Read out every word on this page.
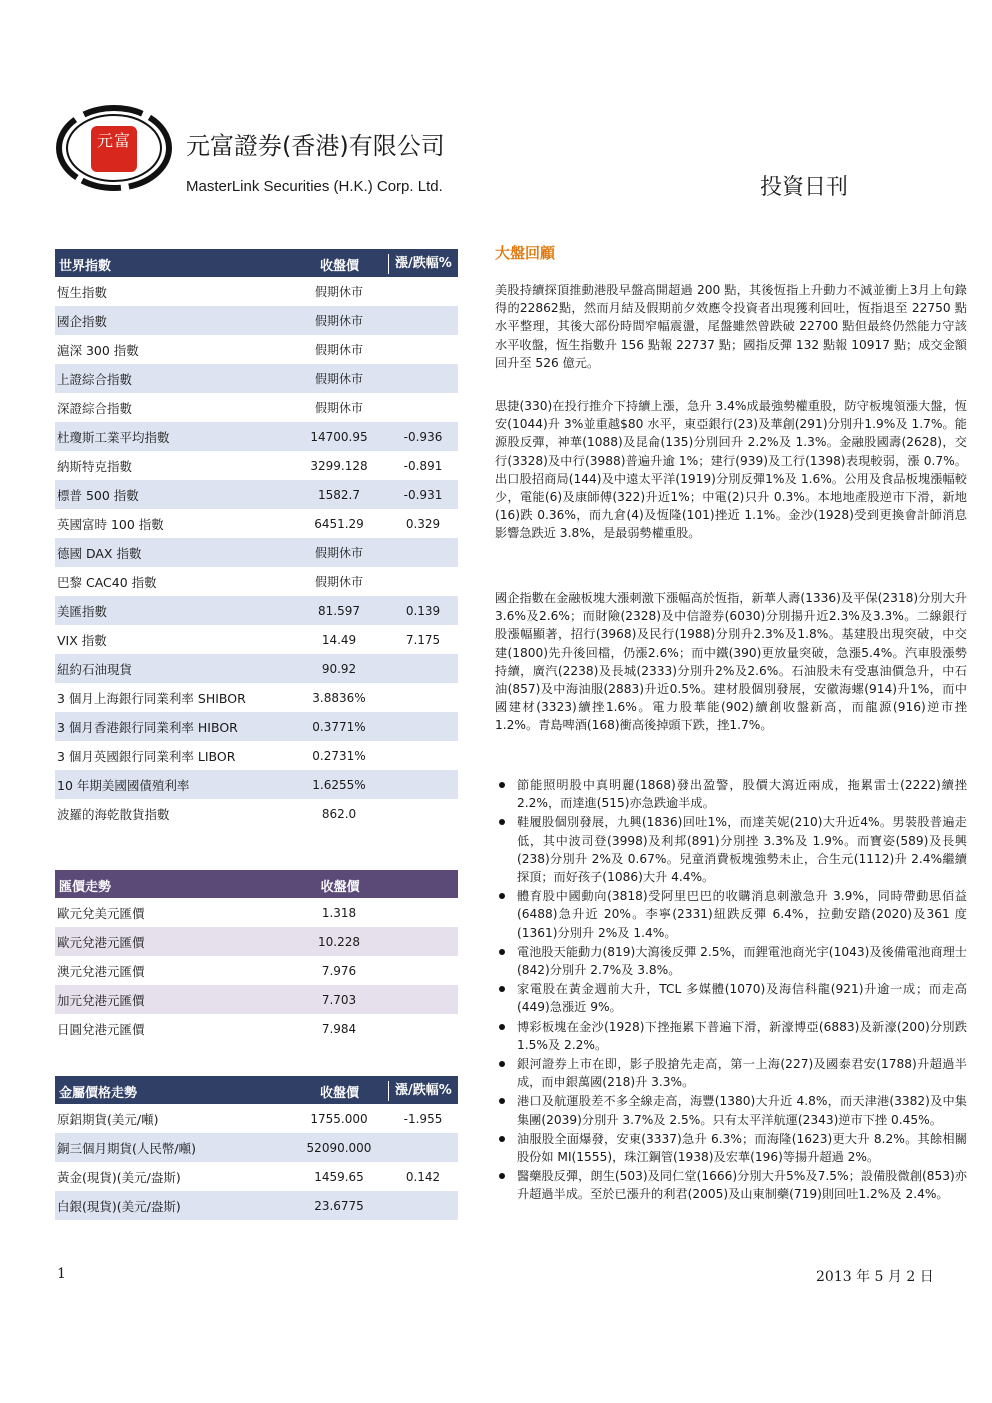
元富 元富證券(香港)有限公司
MasterLink Securities (H.K.) Corp. Ltd.	投資日刊
世界指數	收盤價	漲/跌幅%
恆生指數	假期休市
國企指數	假期休市
滬深 300 指數	假期休市
上證綜合指數	假期休市
深證綜合指數	假期休市
杜瓊斯工業平均指數	14700.95	-0.936
納斯特克指數	3299.128	-0.891
標普 500 指數	1582.7	-0.931
英國富時 100 指數	6451.29	0.329
德國 DAX 指數	假期休市
巴黎 CAC40 指數	假期休市
美匯指數	81.597	0.139
VIX 指數	14.49	7.175
紐約石油現貨	90.92
3 個月上海銀行同業利率 SHIBOR	3.8836%
3 個月香港銀行同業利率 HIBOR	0.3771%
3 個月英國銀行同業利率 LIBOR	0.2731%
10 年期美國國債殖利率	1.6255%
波羅的海乾散貨指數	862.0
匯價走勢	收盤價
歐元兌美元匯價	1.318
歐元兌港元匯價	10.228
澳元兌港元匯價	7.976
加元兌港元匯價	7.703
日圓兌港元匯價	7.984
金屬價格走勢	收盤價	漲/跌幅%
原鋁期貨(美元/噸)	1755.000	-1.955
銅三個月期貨(人民幣/噸)	52090.000
黃金(現貨)(美元/盎斯)	1459.65	0.142
白銀(現貨)(美元/盎斯)	23.6775
大盤回顧
美股持續探頂推動港股早盤高開超過 200 點，其後恆指上升動力不減並衝上3月上旬錄得的22862點，然而月結及假期前夕效應令投資者出現獲利回吐，恆指退至 22750 點水平整理，其後大部份時間窄幅震盪，尾盤雖然曾跌破 22700 點但最終仍然能力守該水平收盤，恆生指數升 156 點報 22737 點；國指反彈 132 點報 10917 點；成交金額回升至 526 億元。
思捷(330)在投行推介下持續上漲，急升 3.4%成最強勢權重股，防守板塊領漲大盤，恆安(1044)升 3%並重越$80 水平，東亞銀行(23)及華創(291)分別升1.9%及 1.7%。能源股反彈，神華(1088)及昆侖(135)分別回升 2.2%及 1.3%。金融股國壽(2628)，交行(3328)及中行(3988)普遍升逾 1%；建行(939)及工行(1398)表現較弱，漲 0.7%。出口股招商局(144)及中遠太平洋(1919)分別反彈1%及 1.6%。公用及食品板塊漲幅較少，電能(6)及康師傅(322)升近1%；中電(2)只升 0.3%。本地地產股逆市下滑，新地(16)跌 0.36%，而九倉(4)及恆隆(101)挫近 1.1%。金沙(1928)受到更換會計師消息影響急跌近 3.8%，是最弱勢權重股。
國企指數在金融板塊大漲刺激下漲幅高於恆指，新華人壽(1336)及平保(2318)分別大升3.6%及2.6%；而財險(2328)及中信證券(6030)分別揚升近2.3%及3.3%。二線銀行股漲幅顯著，招行(3968)及民行(1988)分別升2.3%及1.8%。基建股出現突破，中交建(1800)先升後回檔，仍漲2.6%；而中鐵(390)更放量突破，急漲5.4%。汽車股漲勢持續，廣汽(2238)及長城(2333)分別升2%及2.6%。石油股未有受惠油價急升，中石油(857)及中海油服(2883)升近0.5%。建材股個別發展，安徽海螺(914)升1%，而中國建材(3323)續挫1.6%。電力股華能(902)續創收盤新高，而龍源(916)逆市挫1.2%。青島啤酒(168)衝高後掉頭下跌，挫1.7%。
節能照明股中真明麗(1868)發出盈警，股價大瀉近兩成，拖累雷士(2222)續挫 2.2%，而達進(515)亦急跌逾半成。
鞋履股個別發展，九興(1836)回吐1%，而達芙妮(210)大升近4%。男裝股普遍走低，其中波司登(3998)及利邦(891)分別挫 3.3%及 1.9%。而寶姿(589)及長興(238)分別升 2%及 0.67%。兒童消費板塊強勢未止，合生元(1112)升 2.4%繼續探頂；而好孩子(1086)大升 4.4%。
體育股中國動向(3818)受阿里巴巴的收購消息刺激急升 3.9%，同時帶動思佰益(6488)急升近 20%。李寧(2331)紐跌反彈 6.4%，拉動安踏(2020)及361 度(1361)分別升 2%及 1.4%。
電池股天能動力(819)大瀉後反彈 2.5%，而鋰電池商光宇(1043)及後備電池商理士(842)分別升 2.7%及 3.8%。
家電股在黃金週前大升，TCL 多媒體(1070)及海信科龍(921)升逾一成；而走高(449)急漲近 9%。
博彩板塊在金沙(1928)下挫拖累下普遍下滑，新濠博亞(6883)及新濠(200)分別跌 1.5%及 2.2%。
銀河證券上市在即，影子股搶先走高，第一上海(227)及國泰君安(1788)升超過半成，而申銀萬國(218)升 3.3%。
港口及航運股差不多全線走高，海豐(1380)大升近 4.8%，而天津港(3382)及中集集團(2039)分別升 3.7%及 2.5%。只有太平洋航運(2343)逆市下挫 0.45%。
油服股全面爆發，安東(3337)急升 6.3%；而海隆(1623)更大升 8.2%。其餘相關股份如 MI(1555)，珠江鋼管(1938)及宏華(196)等揚升超過 2%。
醫藥股反彈，朗生(503)及同仁堂(1666)分別大升5%及7.5%；設備股微創(853)亦升超過半成。至於已漲升的利君(2005)及山東制藥(719)則回吐1.2%及 2.4%。
1	2013 年 5 月 2 日
